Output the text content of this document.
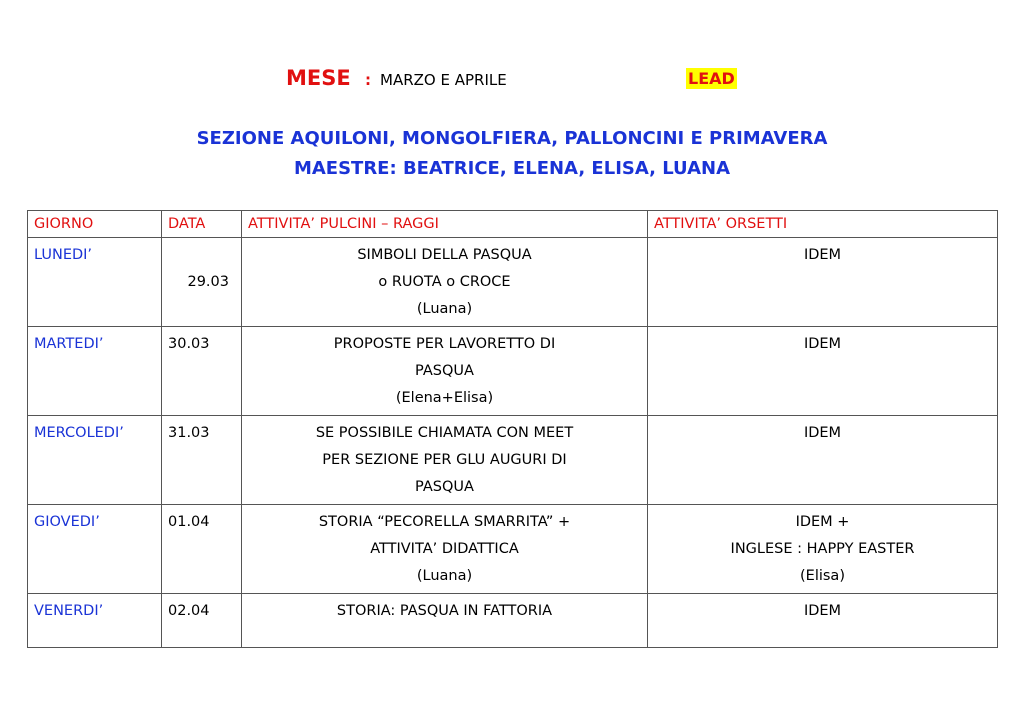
MESE : MARZO E APRILE	LEAD
SEZIONE AQUILONI, MONGOLFIERA, PALLONCINI E PRIMAVERA
MAESTRE: BEATRICE, ELENA, ELISA, LUANA
GIORNO	DATA	ATTIVITA’ PULCINI – RAGGI	ATTIVITA’ ORSETTI
LUNEDI’	29.03	SIMBOLI DELLA PASQUA
o RUOTA o CROCE
(Luana)	IDEM

MARTEDI’	30.03	PROPOSTE PER LAVORETTO DI
PASQUA
(Elena+Elisa)	IDEM

MERCOLEDI’	31.03	SE POSSIBILE CHIAMATA CON MEET
PER SEZIONE PER GLU AUGURI DI
PASQUA	IDEM

GIOVEDI’	01.04	STORIA “PECORELLA SMARRITA” +
ATTIVITA’ DIDATTICA
(Luana)	IDEM +
INGLESE : HAPPY EASTER
(Elisa)

VENERDI’	02.04	STORIA: PASQUA IN FATTORIA	IDEM
